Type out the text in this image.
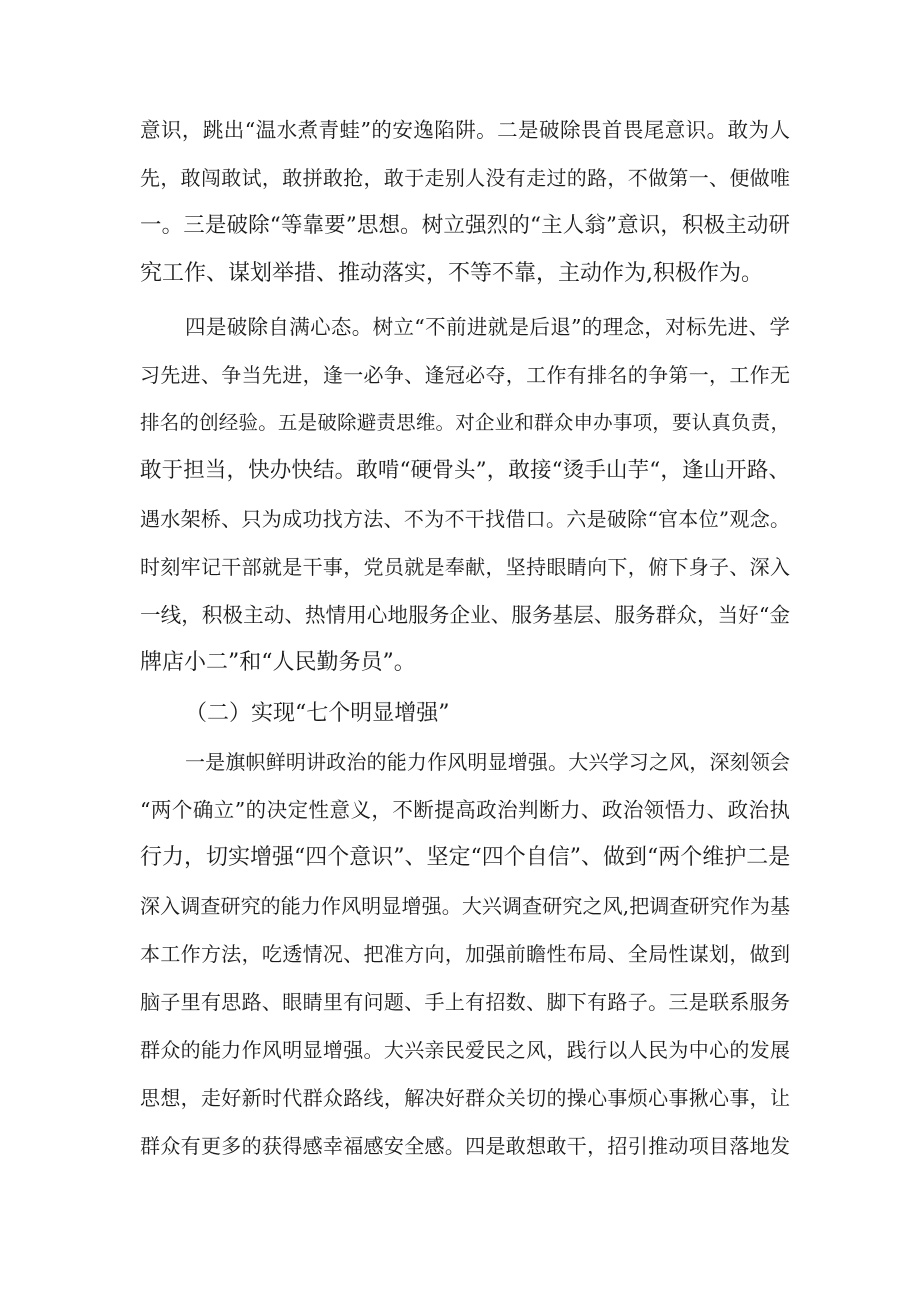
意识，跳出“温水煮青蛙”的安逸陷阱。二是破除畏首畏尾意识。敢为人
先，敢闯敢试，敢拼敢抢，敢于走别人没有走过的路，不做第一、便做唯
一。三是破除“等靠要”思想。树立强烈的“主人翁”意识，积极主动研
究工作、谋划举措、推动落实，不等不靠，主动作为,积极作为。
四是破除自满心态。树立“不前进就是后退”的理念，对标先进、学
习先进、争当先进，逢一必争、逢冠必夺，工作有排名的争第一，工作无
排名的创经验。五是破除避责思维。对企业和群众申办事项，要认真负责，
敢于担当，快办快结。敢啃“硬骨头”，敢接“烫手山芋“，逢山开路、
遇水架桥、只为成功找方法、不为不干找借口。六是破除“官本位”观念。
时刻牢记干部就是干事，党员就是奉献，坚持眼睛向下，俯下身子、深入
一线，积极主动、热情用心地服务企业、服务基层、服务群众，当好“金
牌店小二”和“人民勤务员”。
（二）实现“七个明显增强”
一是旗帜鲜明讲政治的能力作风明显增强。大兴学习之风，深刻领会
“两个确立”的决定性意义，不断提高政治判断力、政治领悟力、政治执
行力，切实增强“四个意识”、坚定“四个自信”、做到“两个维护二是
深入调查研究的能力作风明显增强。大兴调查研究之风,把调查研究作为基
本工作方法，吃透情况、把准方向，加强前瞻性布局、全局性谋划，做到
脑子里有思路、眼睛里有问题、手上有招数、脚下有路子。三是联系服务
群众的能力作风明显增强。大兴亲民爱民之风，践行以人民为中心的发展
思想，走好新时代群众路线，解决好群众关切的操心事烦心事揪心事，让
群众有更多的获得感幸福感安全感。四是敢想敢干，招引推动项目落地发
